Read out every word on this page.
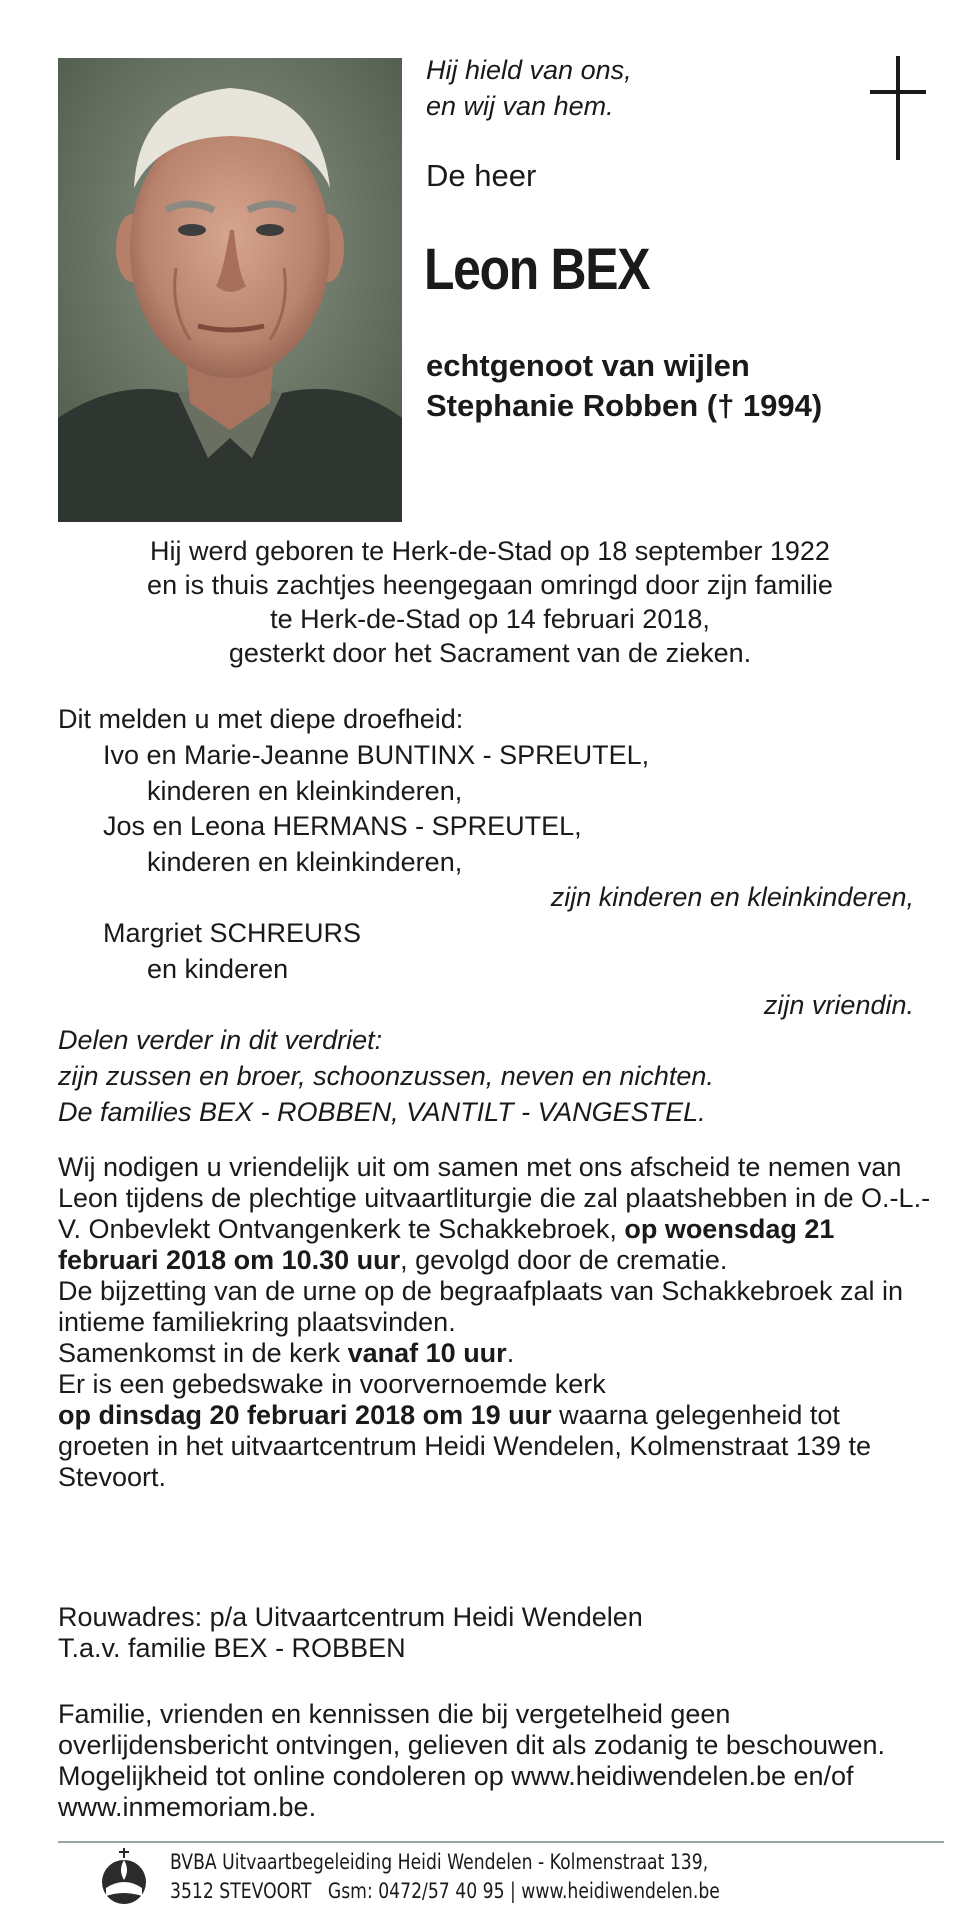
Hij hield van ons,
en wij van hem.
De heer
Leon BEX
echtgenoot van wijlen
Stephanie Robben († 1994)
Hij werd geboren te Herk-de-Stad op 18 september 1922
en is thuis zachtjes heengegaan omringd door zijn familie
te Herk-de-Stad op 14 februari 2018,
gesterkt door het Sacrament van de zieken.
Dit melden u met diepe droefheid:
Ivo en Marie-Jeanne BUNTINX - SPREUTEL,
kinderen en kleinkinderen,
Jos en Leona HERMANS - SPREUTEL,
kinderen en kleinkinderen,
zijn kinderen en kleinkinderen,
Margriet SCHREURS
en kinderen
zijn vriendin.
Delen verder in dit verdriet:
zijn zussen en broer, schoonzussen, neven en nichten.
De families BEX - ROBBEN, VANTILT - VANGESTEL.
Wij nodigen u vriendelijk uit om samen met ons afscheid te nemen van Leon tijdens de plechtige uitvaartliturgie die zal plaatshebben in de O.-L.-V. Onbevlekt Ontvangenkerk te Schakkebroek, op woensdag 21 februari 2018 om 10.30 uur, gevolgd door de crematie.
De bijzetting van de urne op de begraafplaats van Schakkebroek zal in intieme familiekring plaatsvinden.
Samenkomst in de kerk vanaf 10 uur.
Er is een gebedswake in voorvernoemde kerk
op dinsdag 20 februari 2018 om 19 uur waarna gelegenheid tot groeten in het uitvaartcentrum Heidi Wendelen, Kolmenstraat 139 te Stevoort.
Rouwadres: p/a Uitvaartcentrum Heidi Wendelen
T.a.v. familie BEX - ROBBEN
Familie, vrienden en kennissen die bij vergetelheid geen overlijdensbericht ontvingen, gelieven dit als zodanig te beschouwen. Mogelijkheid tot online condoleren op www.heidiwendelen.be en/of www.inmemoriam.be.
BVBA Uitvaartbegeleiding Heidi Wendelen - Kolmenstraat 139,
3512 STEVOORT   Gsm: 0472/57 40 95 | www.heidiwendelen.be
